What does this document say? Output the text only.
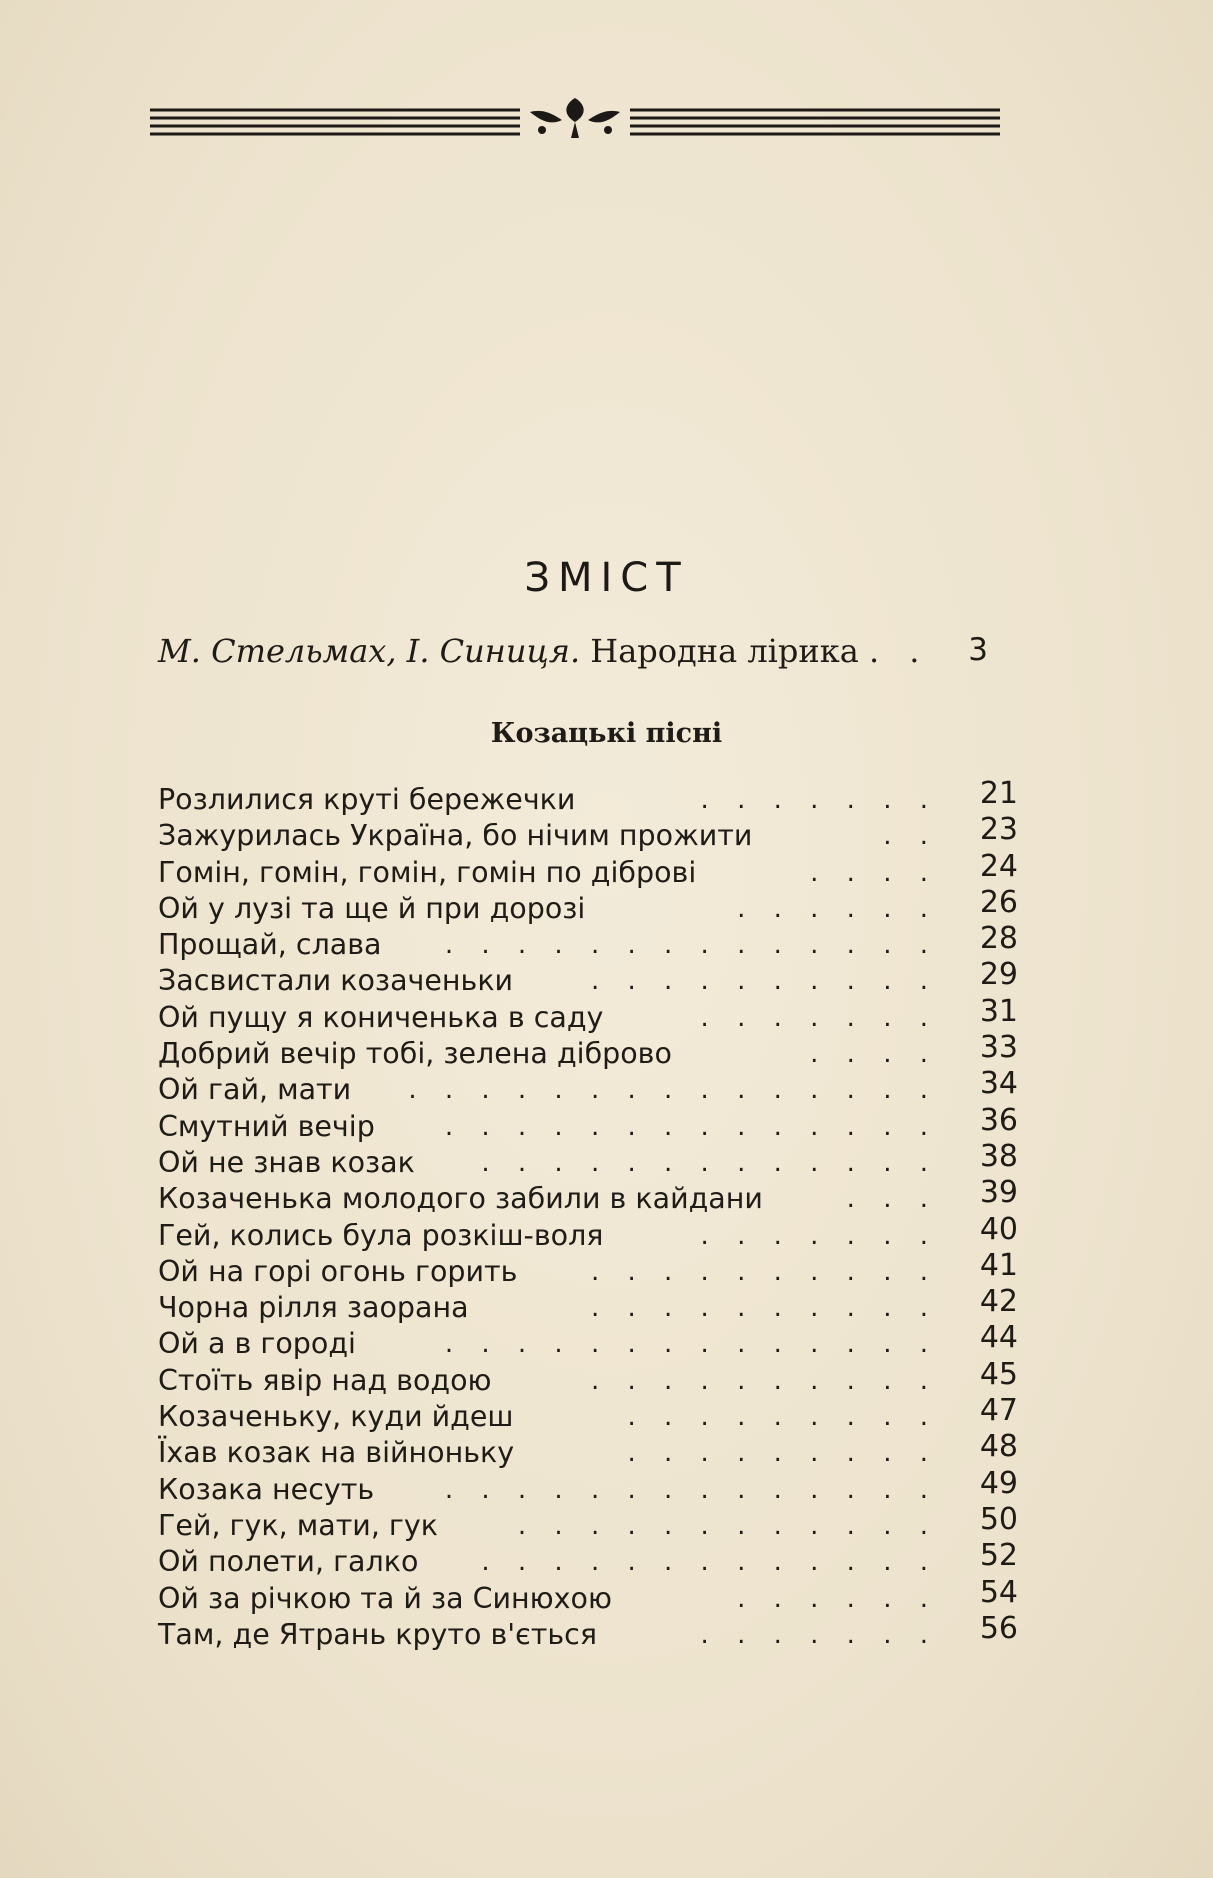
ЗМІСТ
М. Стельмах, І. Синиця. Народна лірика . . 3
Козацькі пісні
Розлилися круті бережечки	. . . . . . .	21
Зажурилась Україна, бо нічим прожити	. .	23
Гомін, гомін, гомін, гомін по діброві	. . . .	24
Ой у лузі та ще й при дорозі	. . . . . .	26
Прощай, слава . . . . . . . . . . . . . .	28
Засвистали козаченьки	. . . . . . . . . .	29
Ой пущу я кониченька в саду	. . . . . . .	31
Добрий вечір тобі, зелена діброво	. . . .	33
Ой гай, мати . . . . . . . . . . . . . . .	34
Смутний вечір	. . . . . . . . . . . . . .	36
Ой не знав козак	. . . . . . . . . . . . .	38
Козаченька молодого забили в кайдани	. . .	39
Гей, колись була розкіш-воля	. . . . . . .	40
Ой на горі огонь горить	. . . . . . . . . .	41
Чорна рілля заорана	. . . . . . . . . .	42
Ой а в городі	. . . . . . . . . . . . . .	44
Стоїть явір над водою	. . . . . . . . . .	45
Козаченьку, куди йдеш	. . . . . . . . .	47
Їхав козак на війноньку	. . . . . . . . .	48
Козака несуть	. . . . . . . . . . . . . .	49
Гей, гук, мати, гук	. . . . . . . . . . . .	50
Ой полети, галко . . . . . . . . . . . . .	52
Ой за річкою та й за Синюхою	. . . . . .	54
Там, де Ятрань круто в'ється	. . . . . . .	56
